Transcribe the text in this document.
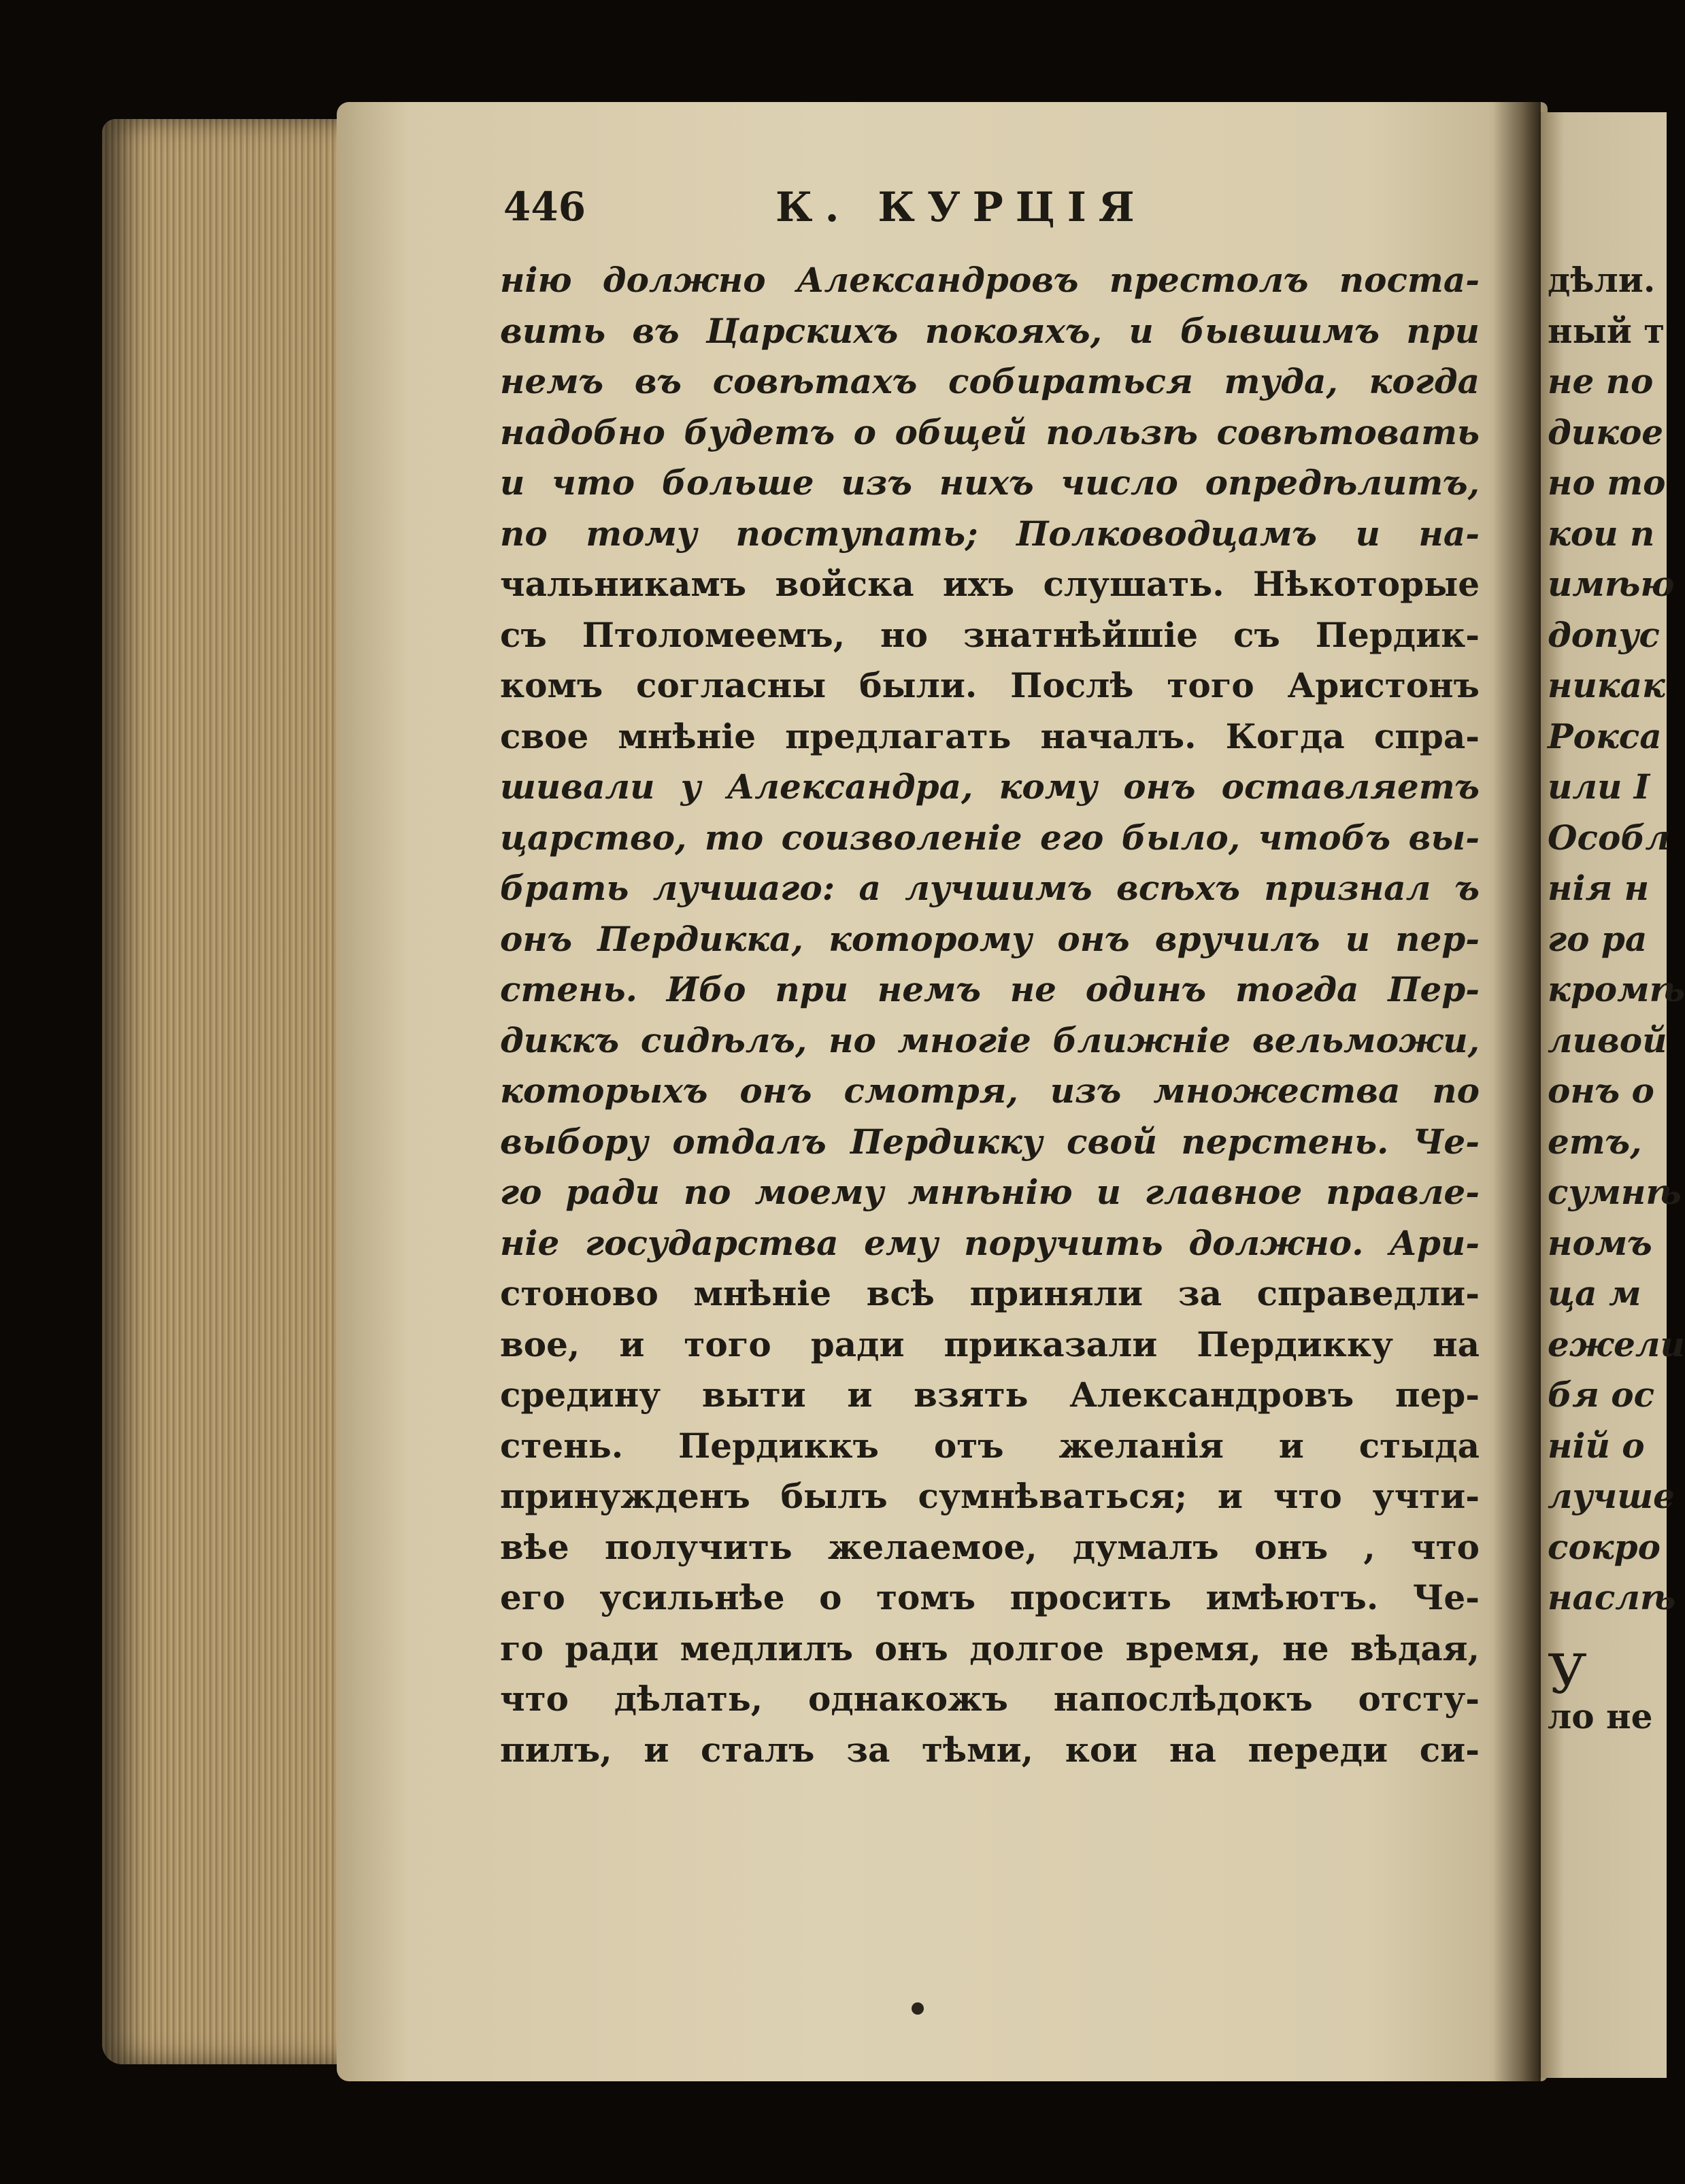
446	К. КУРЦІЯ
нію должно Александровъ престолъ поста-
вить въ Царскихъ покояхъ, и бывшимъ при
немъ въ совѣтахъ собираться туда, когда
надобно будетъ о общей пользѣ совѣтовать
и что больше изъ нихъ число опредѣлитъ,
по тому поступать; Полководцамъ и на-
чальникамъ войска ихъ слушать. Нѣкоторые
съ Птоломеемъ, но знатнѣйшіе съ Пердик-
комъ согласны были. Послѣ того Аристонъ
свое мнѣніе предлагать началъ. Когда спра-
шивали у Александра, кому онъ оставляетъ
царство, то соизволеніе его было, чтобъ вы-
брать лучшаго: а лучшимъ всѣхъ признал ъ
онъ Пердикка, которому онъ вручилъ и пер-
стень. Ибо при немъ не одинъ тогда Пер-
диккъ сидѣлъ, но многіе ближніе вельможи,
которыхъ онъ смотря, изъ множества по
выбору отдалъ Пердикку свой перстень. Че-
го ради по моему мнѣнію и главное правле-
ніе государства ему поручить должно. Ари-
стоново мнѣніе всѣ приняли за справедли-
вое, и того ради приказали Пердикку на
средину выти и взять Александровъ пер-
стень. Пердиккъ отъ желанія и стыда
принужденъ былъ сумнѣваться; и что учти-
вѣе получить желаемое, думалъ онъ , что
его усильнѣе о томъ просить имѣютъ. Че-
го ради медлилъ онъ долгое время, не вѣдая,
что дѣлать, однакожъ напослѣдокъ отсту-
пилъ, и сталъ за тѣми, кои на переди си-
дѣли.
ный т
не по
дикое
но то
кои п
имѣю
допус
никак
Рокса
или І
Особл
нія н
го ра
кромѣ
ливой
онъ о
етъ,
сумнѣ
номъ
ца м
ежели
бя ос
ній о
лучше
сокро
наслѣ
У
ло не
